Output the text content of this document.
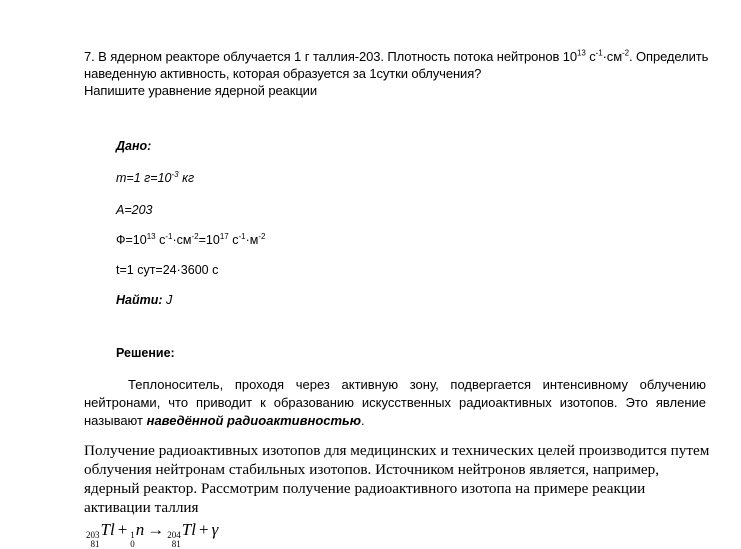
7. В ядерном реакторе облучается 1 г таллия-203. Плотность потока нейтронов $10^{13}$ $с^{-1}\cdot см^{-2}$. Определить наведенную активность, которая образуется за 1сутки облучения?

Напишите уравнение ядерной реакции

Дано:
m=1 $г=10^{-3}$ кг
A=203
$Ф=10^{13}$ $с^{-1}\cdot см^{-2}=10^{17}$ $с^{-1}\cdot м^{-2}$
t=1 сут=24·3600 с
Найти: J
Решение:

Теплоноситель, проходя через активную зону, подвергается интенсивному облучению нейтронами, что приводит к образованию искусственных радиоактивных изотопов. Это явление называют наведённой радиоактивностью.

Получение радиоактивных изотопов для медицинских и технических целей производится путем облучения нейтронам стабильных изотопов. Источником нейтронов является, например, ядерный реактор. Рассмотрим получение радиоактивного изотопа на примере реакции активации таллия

203
81
Tl + 1
0
n → 204
81
Tl + γ
